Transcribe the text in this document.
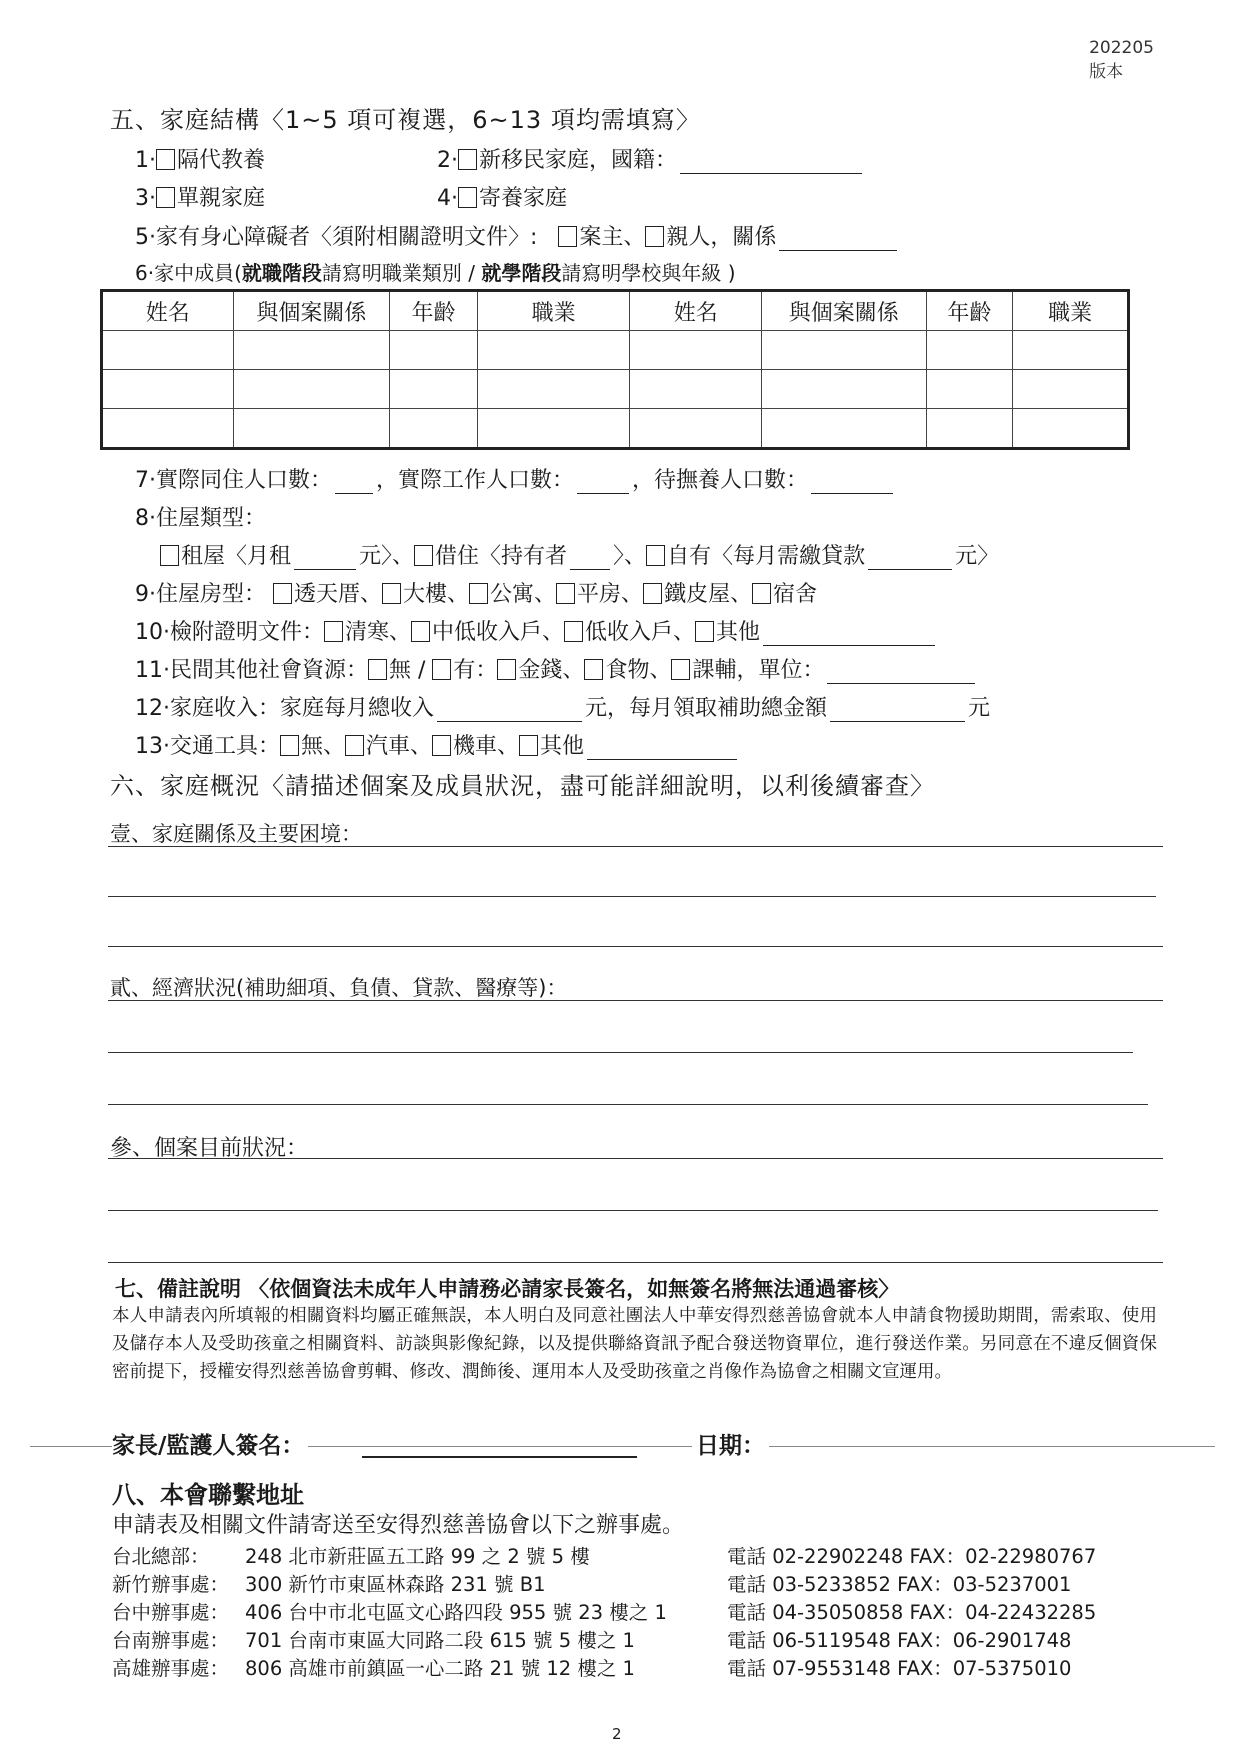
202205
版本
五、家庭結構〈1~5 項可複選，6~13 項均需填寫〉
1· 隔代教養	2· 新移民家庭，國籍：
3· 單親家庭	4· 寄養家庭
5·家有身心障礙者〈須附相關證明文件〉: 案主、 親人，關係
6·家中成員(就職階段請寫明職業類別 / 就學階段請寫明學校與年級 )
姓名	與個案關係	年齡	職業	姓名	與個案關係	年齡	職業

7·實際同住人口數： ，實際工作人口數：	，待撫養人口數：
8·住屋類型：
租屋〈月租	元〉、 借住〈持有者 〉、 自有〈每月需繳貸款	元〉
9·住屋房型： 透天厝、 大樓、 公寓、 平房、 鐵皮屋、 宿舍
10·檢附證明文件： 清寒、 中低收入戶、 低收入戶、 其他
11·民間其他社會資源： 無 / 有： 金錢、 食物、 課輔，單位：
12·家庭收入：家庭每月總收入	元，每月領取補助總金額	元
13·交通工具： 無、 汽車、 機車、 其他
六、家庭概況〈請描述個案及成員狀況，盡可能詳細說明，以利後續審查〉
壹、家庭關係及主要困境：
貳、經濟狀況(補助細項、負債、貸款、醫療等)：
參、個案目前狀況：
七、備註說明 〈依個資法未成年人申請務必請家長簽名，如無簽名將無法通過審核〉
本人申請表內所填報的相關資料均屬正確無誤，本人明白及同意社團法人中華安得烈慈善協會就本人申請食物援助期間，需索取、使用及儲存本人及受助孩童之相關資料、訪談與影像紀錄，以及提供聯絡資訊予配合發送物資單位，進行發送作業。另同意在不違反個資保密前提下，授權安得烈慈善協會剪輯、修改、潤飾後、運用本人及受助孩童之肖像作為協會之相關文宣運用。
家長/監護人簽名：	日期：
八、本會聯繫地址
申請表及相關文件請寄送至安得烈慈善協會以下之辦事處。
台北總部： 248 北市新莊區五工路 99 之 2 號 5 樓	電話 02-22902248 FAX：02-22980767
新竹辦事處： 300 新竹市東區林森路 231 號 B1	電話 03-5233852 FAX：03-5237001
台中辦事處： 406 台中市北屯區文心路四段 955 號 23 樓之 1	電話 04-35050858 FAX：04-22432285
台南辦事處： 701 台南市東區大同路二段 615 號 5 樓之 1	電話 06-5119548 FAX：06-2901748
高雄辦事處： 806 高雄市前鎮區一心二路 21 號 12 樓之 1	電話 07-9553148 FAX：07-5375010
2
